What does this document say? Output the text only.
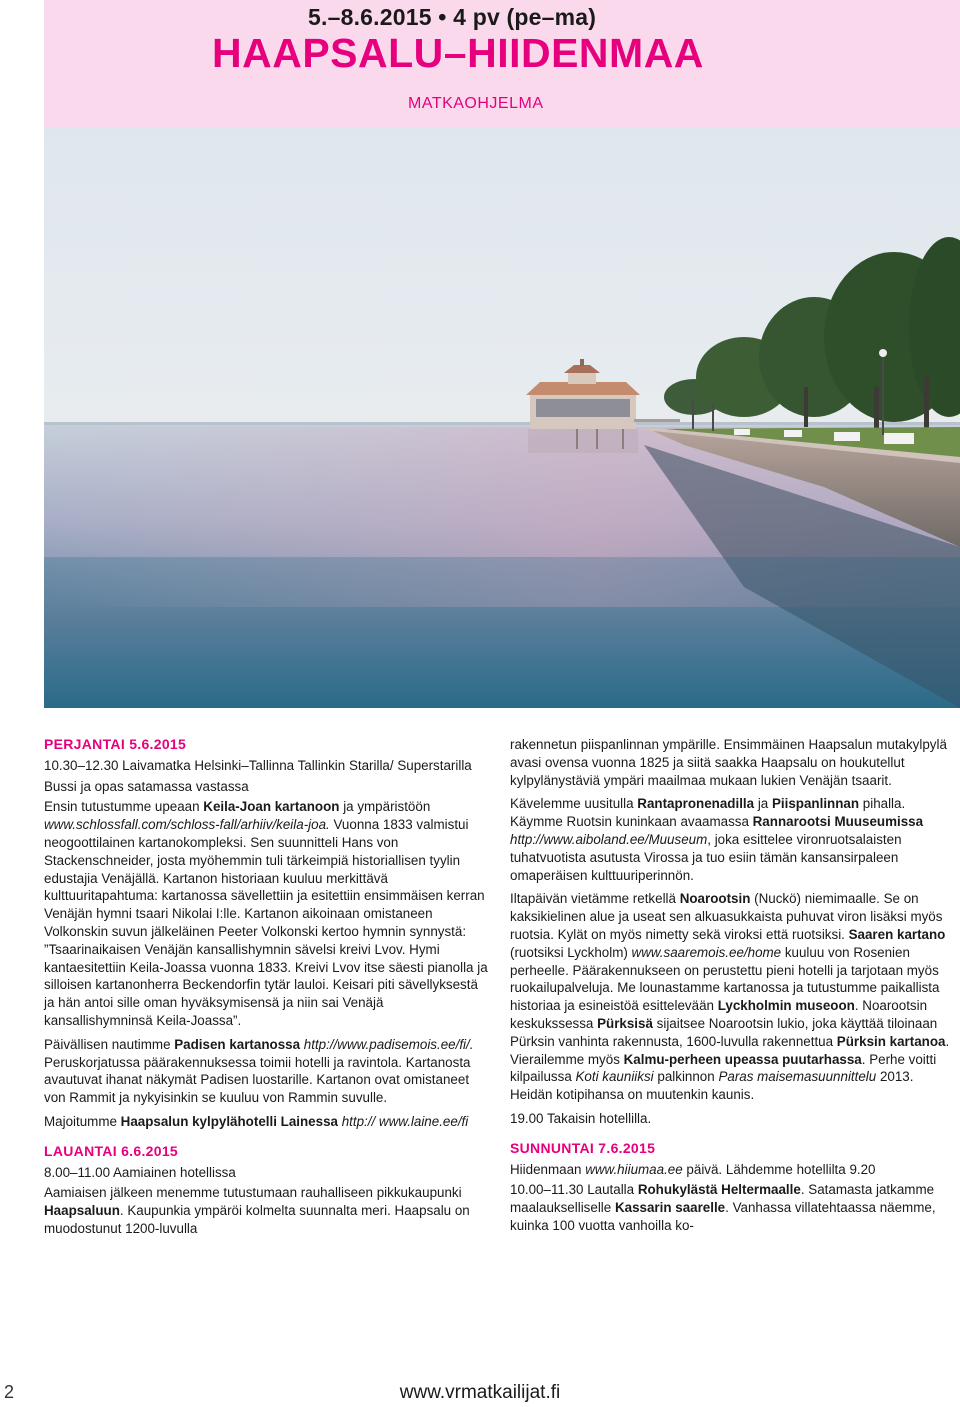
5.–8.6.2015 • 4 pv (pe–ma)
HAAPSALU–HIIDENMAA
MATKAOHJELMA
PERJANTAI 5.6.2015

10.30–12.30 Laivamatka Helsinki–Tallinna Tallinkin Starilla/ Superstarilla

Bussi ja opas satamassa vastassa

Ensin tutustumme upeaan Keila-Joan kartanoon ja ympäristöön www.schlossfall.com/schloss-fall/arhiiv/keila-joa. Vuonna 1833 valmistui neogoottilainen kartanokompleksi. Sen suunnitteli Hans von Stackenschneider, josta myöhemmin tuli tärkeimpiä historiallisen tyylin edustajia Venäjällä. Kartanon historiaan kuuluu merkittävä kulttuuritapahtuma: kartanossa sävellettiin ja esitettiin ensimmäisen kerran Venäjän hymni tsaari Nikolai I:lle. Kartanon aikoinaan omistaneen Volkonskin suvun jälkeläinen Peeter Volkonski kertoo hymnin synnystä: ”Tsaarinaikaisen Venäjän kansallishymnin sävelsi kreivi Lvov. Hymi kantaesitettiin Keila-Joassa vuonna 1833. Kreivi Lvov itse säesti pianolla ja silloisen kartanonherra Beckendorfin tytär lauloi. Keisari piti sävellyksestä ja hän antoi sille oman hyväksymisensä ja niin sai Venäjä kansallishymninsä Keila-Joassa”.

Päivällisen nautimme Padisen kartanossa http://www.padisemois.ee/fi/. Peruskorjatussa päärakennuksessa toimii hotelli ja ravintola. Kartanosta avautuvat ihanat näkymät Padisen luostarille. Kartanon ovat omistaneet von Rammit ja nykyisinkin se kuuluu von Rammin suvulle.

Majoitumme Haapsalun kylpylähotelli Lainessa http:// www.laine.ee/fi

LAUANTAI 6.6.2015

8.00–11.00 Aamiainen hotellissa

Aamiaisen jälkeen menemme tutustumaan rauhalliseen pikkukaupunki Haapsaluun. Kaupunkia ympäröi kolmelta suunnalta meri. Haapsalu on muodostunut 1200-luvulla

rakennetun piispanlinnan ympärille. Ensimmäinen Haapsalun mutakylpylä avasi ovensa vuonna 1825 ja siitä saakka Haapsalu on houkutellut kylpylänystäviä ympäri maailmaa mukaan lukien Venäjän tsaarit.

Kävelemme uusitulla Rantapronenadilla ja Piispanlinnan pihalla. Käymme Ruotsin kuninkaan avaamassa Rannarootsi Muuseumissa http://www.aiboland.ee/Muuseum, joka esittelee vironruotsalaisten tuhatvuotista asutusta Virossa ja tuo esiin tämän kansansirpaleen omaperäisen kulttuuriperinnön.

Iltapäivän vietämme retkellä Noarootsin (Nuckö) niemimaalle. Se on kaksikielinen alue ja useat sen alkuasukkaista puhuvat viron lisäksi myös ruotsia. Kylät on myös nimetty sekä viroksi että ruotsiksi. Saaren kartano (ruotsiksi Lyckholm) www.saaremois.ee/home kuuluu von Rosenien perheelle. Päärakennukseen on perustettu pieni hotelli ja tarjotaan myös ruokailupalveluja. Me lounastamme kartanossa ja tutustumme paikallista historiaa ja esineistöä esittelevään Lyckholmin museoon. Noarootsin keskukssessa Pürksisä sijaitsee Noarootsin lukio, joka käyttää tiloinaan Pürksin vanhinta rakennusta, 1600-luvulla rakennettua Pürksin kartanoa. Vierailemme myös Kalmu-perheen upeassa puutarhassa. Perhe voitti kilpailussa Koti kauniiksi palkinnon Paras maisemasuunnittelu 2013. Heidän kotipihansa on muutenkin kaunis.

19.00 Takaisin hotellilla.

SUNNUNTAI 7.6.2015

Hiidenmaan www.hiiumaa.ee päivä. Lähdemme hotellilta 9.20

10.00–11.30 Lautalla Rohukylästä Heltermaalle. Satamasta jatkamme maalaukselliselle Kassarin saarelle. Vanhassa villatehtaassa näemme, kuinka 100 vuotta vanhoilla ko-

2	www.vrmatkailijat.fi
